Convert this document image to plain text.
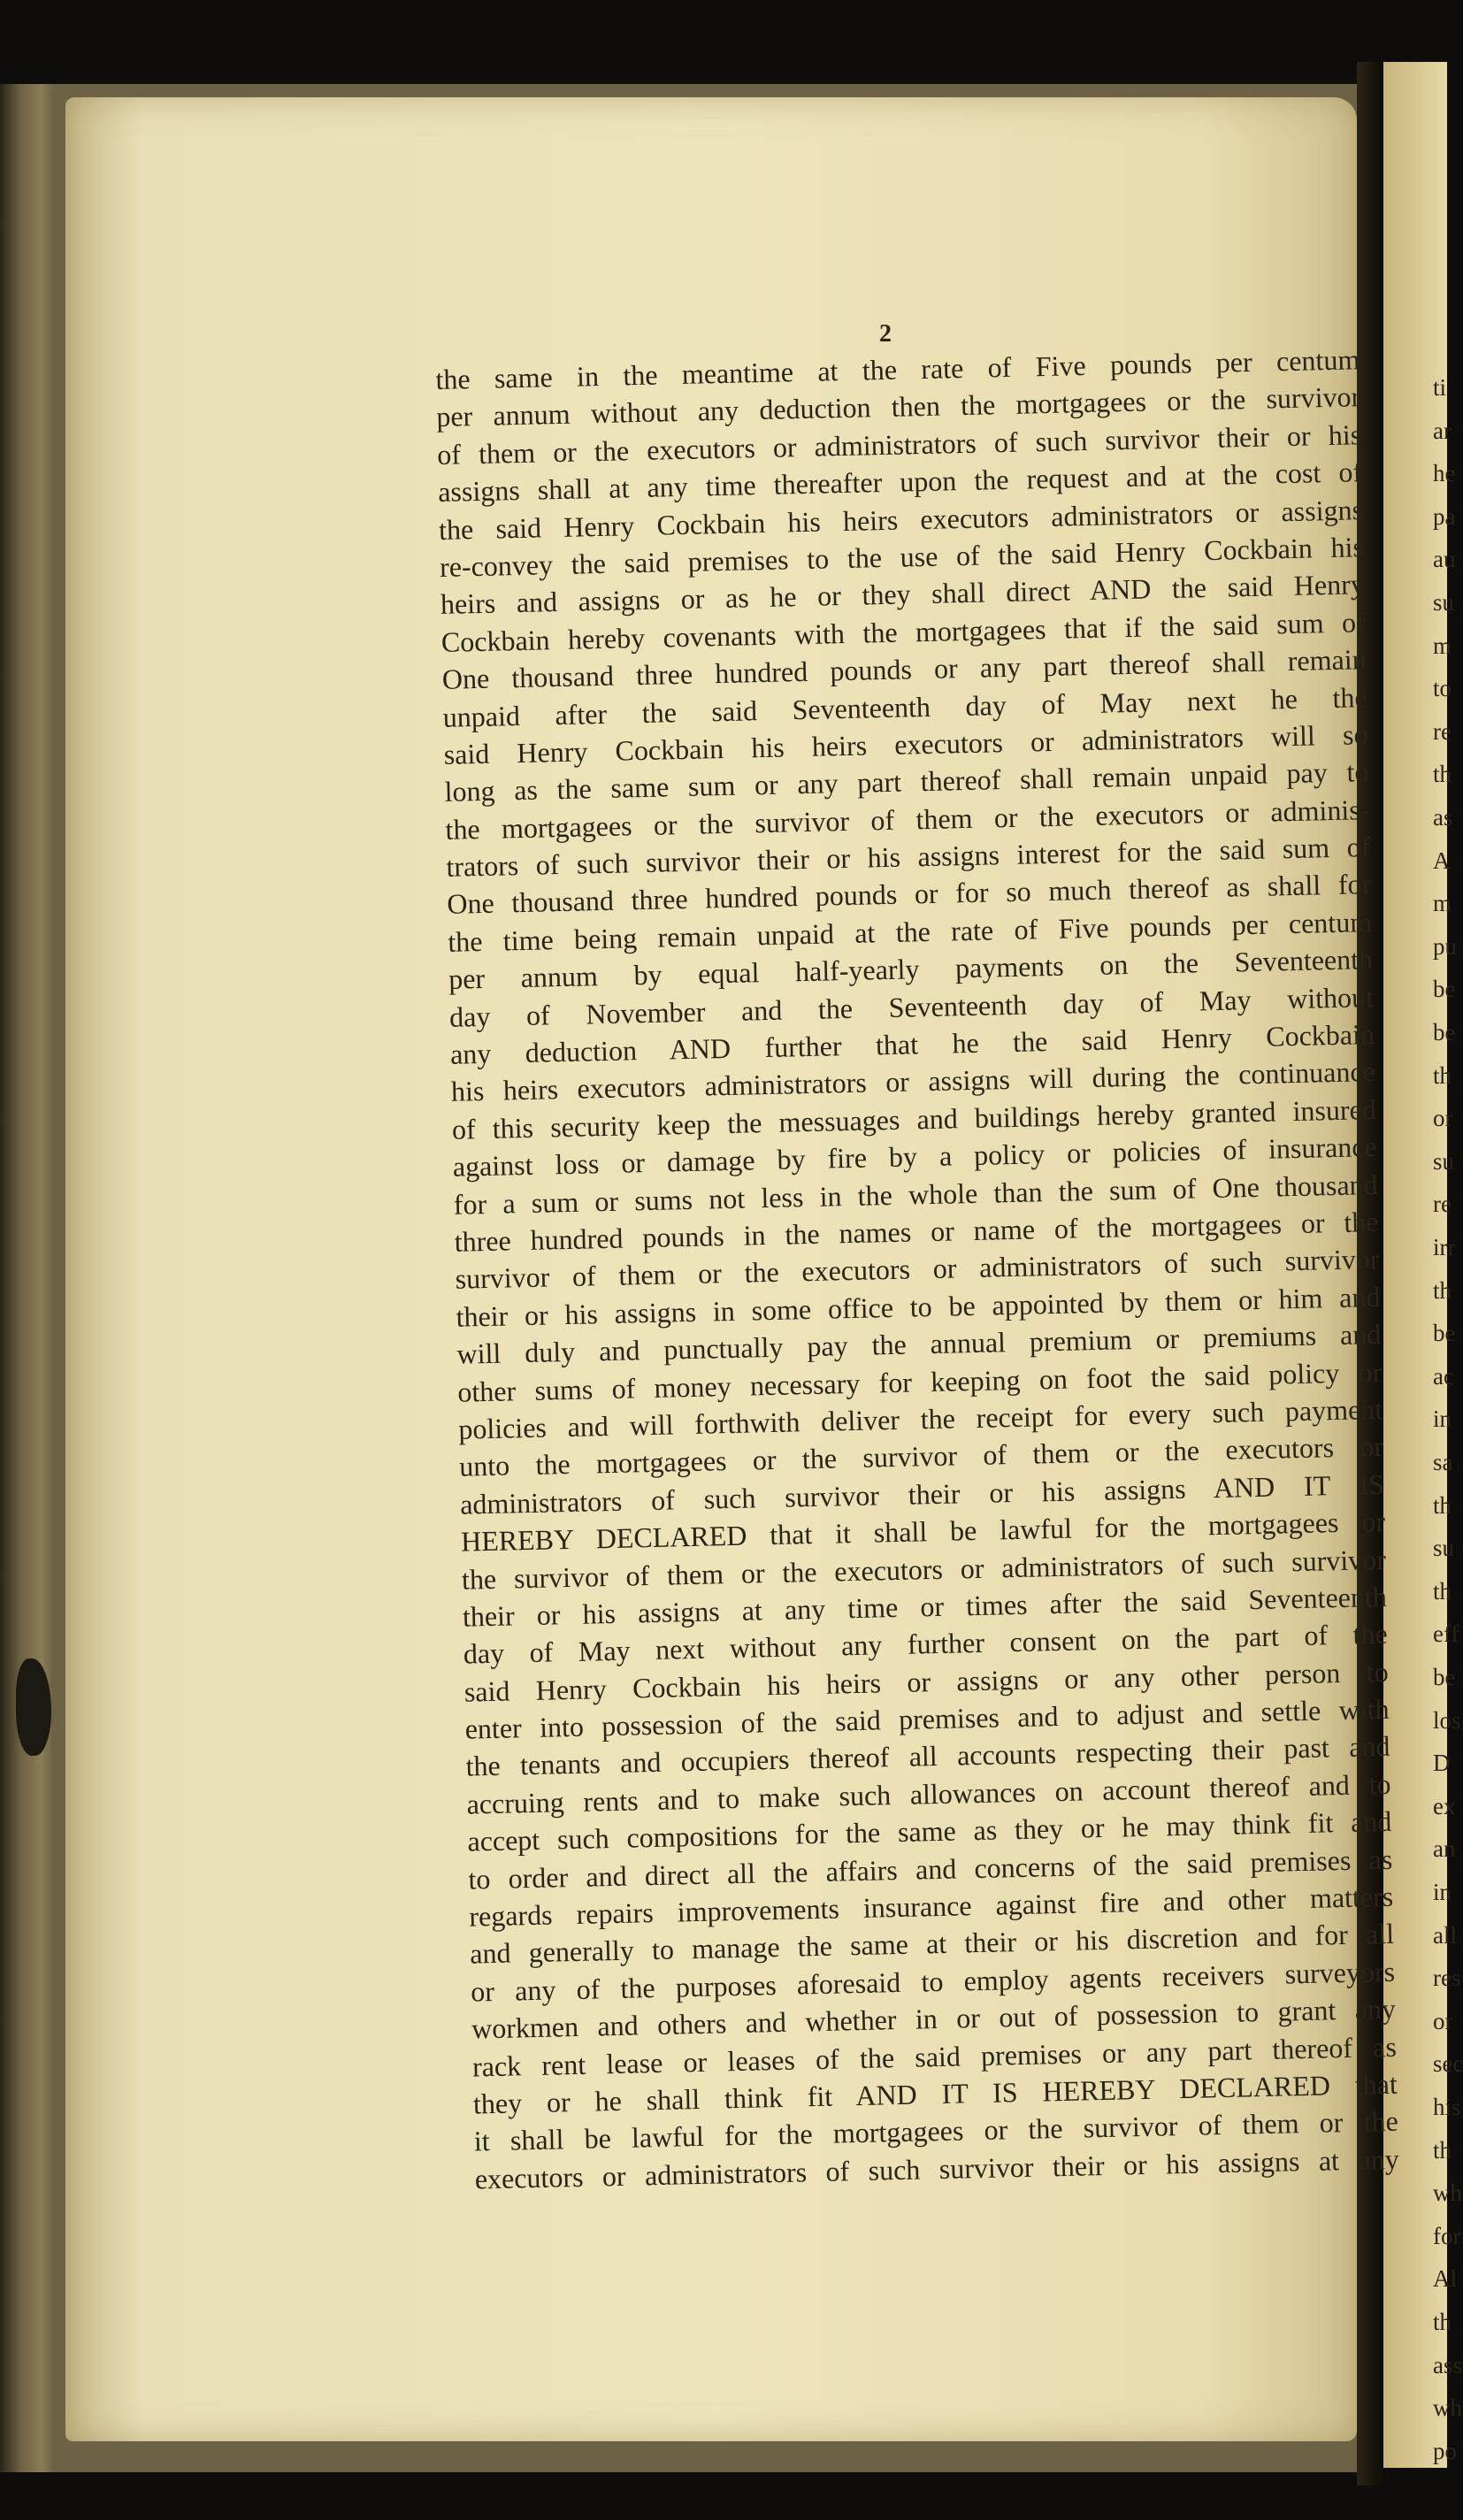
ti
ar
he
pa
au
su
m
to
re
th
as
A
m
pu
be
be
th
or
su
re
irr
th
be
ac
in
sa
th
su
th
eff
be
los
D
ex
an
in
all
res
or
sec
his
th
wh
for
Al
th
ass
wh
po
2
the same in the meantime at the rate of Five pounds per centum
per annum without any deduction then the mortgagees or the survivor
of them or the executors or administrators of such survivor their or his
assigns shall at any time thereafter upon the request and at the cost of
the said Henry Cockbain his heirs executors administrators or assigns
re-convey the said premises to the use of the said Henry Cockbain his
heirs and assigns or as he or they shall direct AND the said Henry
Cockbain hereby covenants with the mortgagees that if the said sum of
One thousand three hundred pounds or any part thereof shall remain
unpaid after the said Seventeenth day of May next he the
said Henry Cockbain his heirs executors or administrators will so
long as the same sum or any part thereof shall remain unpaid pay to
the mortgagees or the survivor of them or the executors or adminis-
trators of such survivor their or his assigns interest for the said sum of
One thousand three hundred pounds or for so much thereof as shall for
the time being remain unpaid at the rate of Five pounds per centum
per annum by equal half-yearly payments on the Seventeenth
day of November and the Seventeenth day of May without
any deduction AND further that he the said Henry Cockbain
his heirs executors administrators or assigns will during the continuance
of this security keep the messuages and buildings hereby granted insured
against loss or damage by fire by a policy or policies of insurance
for a sum or sums not less in the whole than the sum of One thousand
three hundred pounds in the names or name of the mortgagees or the
survivor of them or the executors or administrators of such survivor
their or his assigns in some office to be appointed by them or him and
will duly and punctually pay the annual premium or premiums and
other sums of money necessary for keeping on foot the said policy or
policies and will forthwith deliver the receipt for every such payment
unto the mortgagees or the survivor of them or the executors or
administrators of such survivor their or his assigns AND IT IS
HEREBY DECLARED that it shall be lawful for the mortgagees or
the survivor of them or the executors or administrators of such survivor
their or his assigns at any time or times after the said Seventeenth
day of May next without any further consent on the part of the
said Henry Cockbain his heirs or assigns or any other person to
enter into possession of the said premises and to adjust and settle with
the tenants and occupiers thereof all accounts respecting their past and
accruing rents and to make such allowances on account thereof and to
accept such compositions for the same as they or he may think fit and
to order and direct all the affairs and concerns of the said premises as
regards repairs improvements insurance against fire and other matters
and generally to manage the same at their or his discretion and for all
or any of the purposes aforesaid to employ agents receivers surveyors
workmen and others and whether in or out of possession to grant any
rack rent lease or leases of the said premises or any part thereof as
they or he shall think fit AND IT IS HEREBY DECLARED that
it shall be lawful for the mortgagees or the survivor of them or the
executors or administrators of such survivor their or his assigns at any
